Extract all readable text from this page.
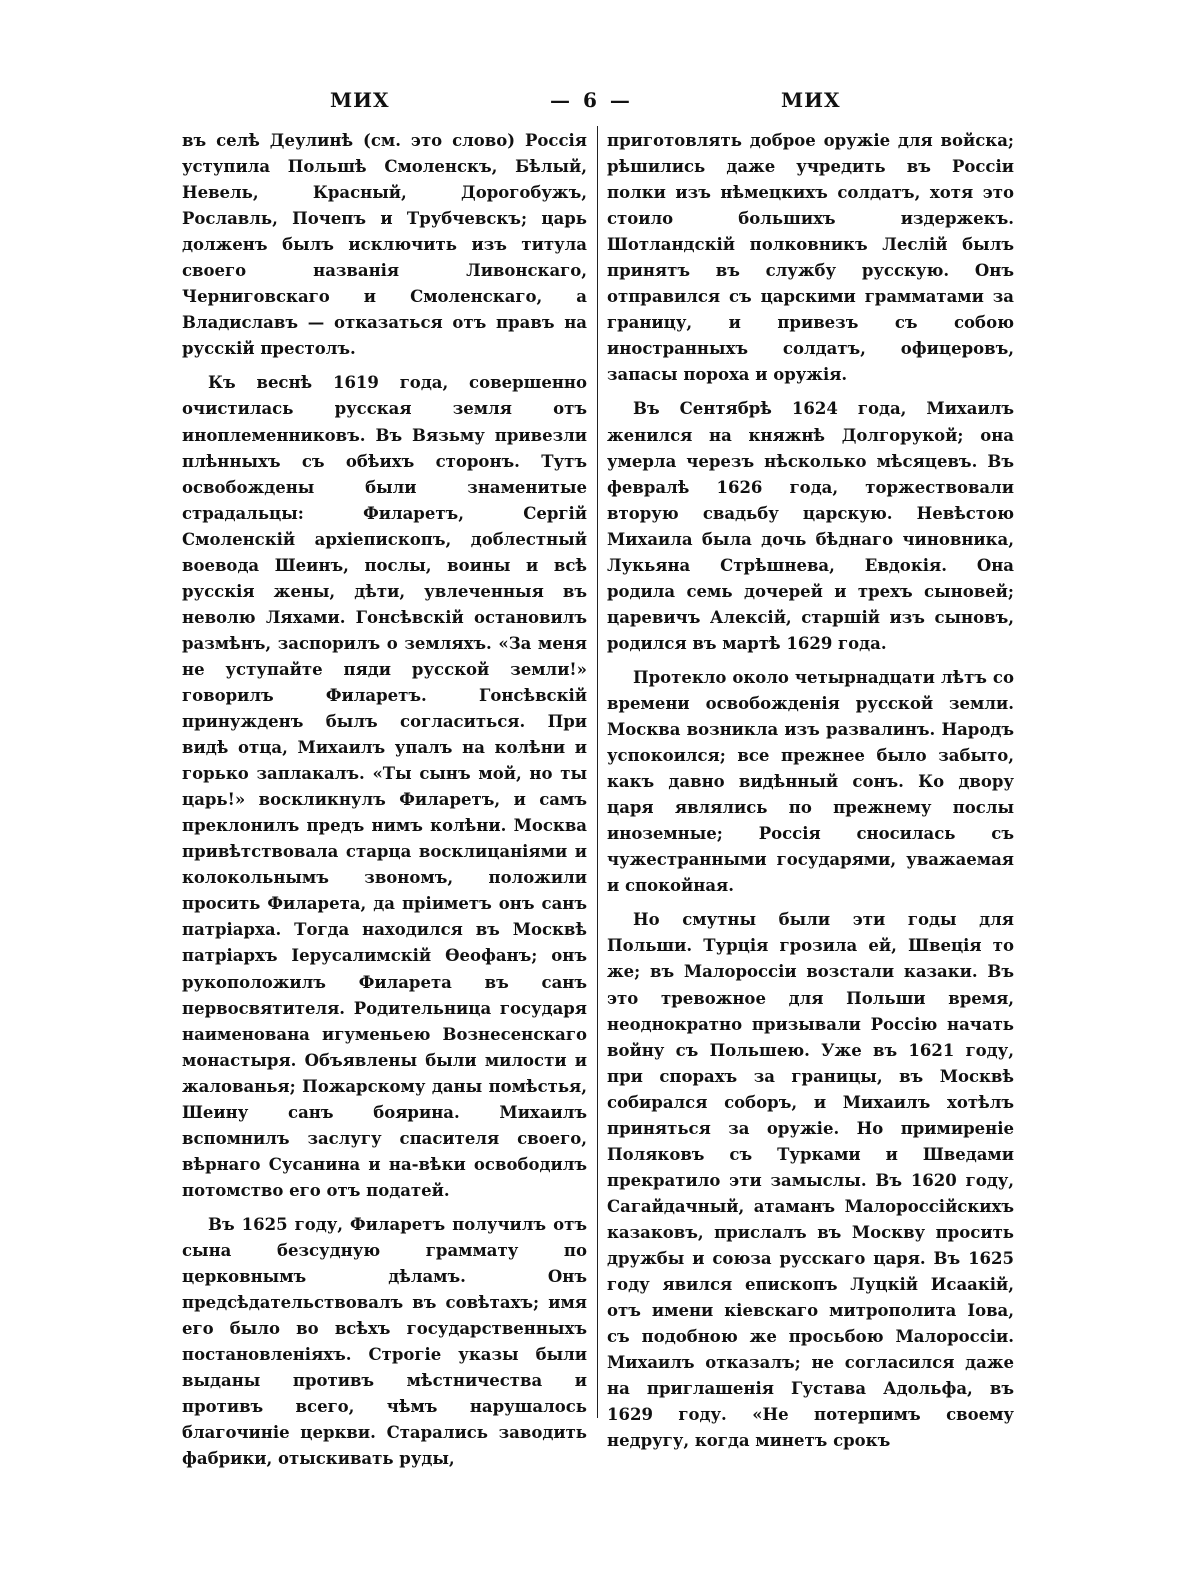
МИХ	— 6 —	МИХ

въ селѣ Деулинѣ (см. это слово) Россія уступила Польшѣ Смоленскъ, Бѣлый, Невель, Красный, Дорогобужъ, Рославль, Почепъ и Трубчевскъ; царь долженъ былъ исключить изъ титула своего названія Ливонскаго, Черниговскаго и Смоленскаго, а Владиславъ — отказаться отъ правъ на русскій престолъ.

Къ веснѣ 1619 года, совершенно очистилась русская земля отъ иноплеменниковъ. Въ Вязьму привезли плѣнныхъ съ обѣихъ сторонъ. Тутъ освобождены были знаменитые страдальцы: Филаретъ, Сергій Смоленскій архіепископъ, доблестный воевода Шеинъ, послы, воины и всѣ русскія жены, дѣти, увлеченныя въ неволю Ляхами. Гонсѣвскій остановилъ размѣнъ, заспорилъ о земляхъ. «За меня не уступайте пяди русской земли!» говорилъ Филаретъ. Гонсѣвскій принужденъ былъ согласиться. При видѣ отца, Михаилъ упалъ на колѣни и горько заплакалъ. «Ты сынъ мой, но ты царь!» воскликнулъ Филаретъ, и самъ преклонилъ предъ нимъ колѣни. Москва привѣтствовала старца восклицаніями и колокольнымъ звономъ, положили просить Филарета, да пріиметъ онъ санъ патріарха. Тогда находился въ Москвѣ патріархъ Іерусалимскій Ѳеофанъ; онъ рукоположилъ Филарета въ санъ первосвятителя. Родительница государя наименована игуменьею Вознесенскаго монастыря. Объявлены были милости и жалованья; Пожарскому даны помѣстья, Шеину санъ боярина. Михаилъ вспомнилъ заслугу спасителя своего, вѣрнаго Сусанина и на-вѣки освободилъ потомство его отъ податей.

Въ 1625 году, Филаретъ получилъ отъ сына безсудную граммату по церковнымъ дѣламъ. Онъ предсѣдательствовалъ въ совѣтахъ; имя его было во всѣхъ государственныхъ постановленіяхъ. Строгіе указы были выданы противъ мѣстничества и противъ всего, чѣмъ нарушалось благочиніе церкви. Старались заводить фабрики, отыскивать руды,

приготовлять доброе оружіе для войска; рѣшились даже учредить въ Россіи полки изъ нѣмецкихъ солдатъ, хотя это стоило большихъ издержекъ. Шотландскій полковникъ Леслій былъ принятъ въ службу русскую. Онъ отправился съ царскими грамматами за границу, и привезъ съ собою иностранныхъ солдатъ, офицеровъ, запасы пороха и оружія.

Въ Сентябрѣ 1624 года, Михаилъ женился на княжнѣ Долгорукой; она умерла черезъ нѣсколько мѣсяцевъ. Въ февралѣ 1626 года, торжествовали вторую свадьбу царскую. Невѣстою Михаила была дочь бѣднаго чиновника, Лукьяна Стрѣшнева, Евдокія. Она родила семь дочерей и трехъ сыновей; царевичъ Алексій, старшій изъ сыновъ, родился въ мартѣ 1629 года.

Протекло около четырнадцати лѣтъ со времени освобожденія русской земли. Москва возникла изъ развалинъ. Народъ успокоился; все прежнее было забыто, какъ давно видѣнный сонъ. Ко двору царя являлись по прежнему послы иноземные; Россія сносилась съ чужестранными государями, уважаемая и спокойная.

Но смутны были эти годы для Польши. Турція грозила ей, Швеція то же; въ Малороссіи возстали казаки. Въ это тревожное для Польши время, неоднократно призывали Россію начать войну съ Польшею. Уже въ 1621 году, при спорахъ за границы, въ Москвѣ собирался соборъ, и Михаилъ хотѣлъ приняться за оружіе. Но примиреніе Поляковъ съ Турками и Шведами прекратило эти замыслы. Въ 1620 году, Сагайдачный, атаманъ Малороссійскихъ казаковъ, прислалъ въ Москву просить дружбы и союза русскаго царя. Въ 1625 году явился епископъ Луцкій Исаакій, отъ имени кіевскаго митрополита Іова, съ подобною же просьбою Малороссіи. Михаилъ отказалъ; не согласился даже на приглашенія Густава Адольфа, въ 1629 году. «Не потерпимъ своему недругу, когда минетъ срокъ
